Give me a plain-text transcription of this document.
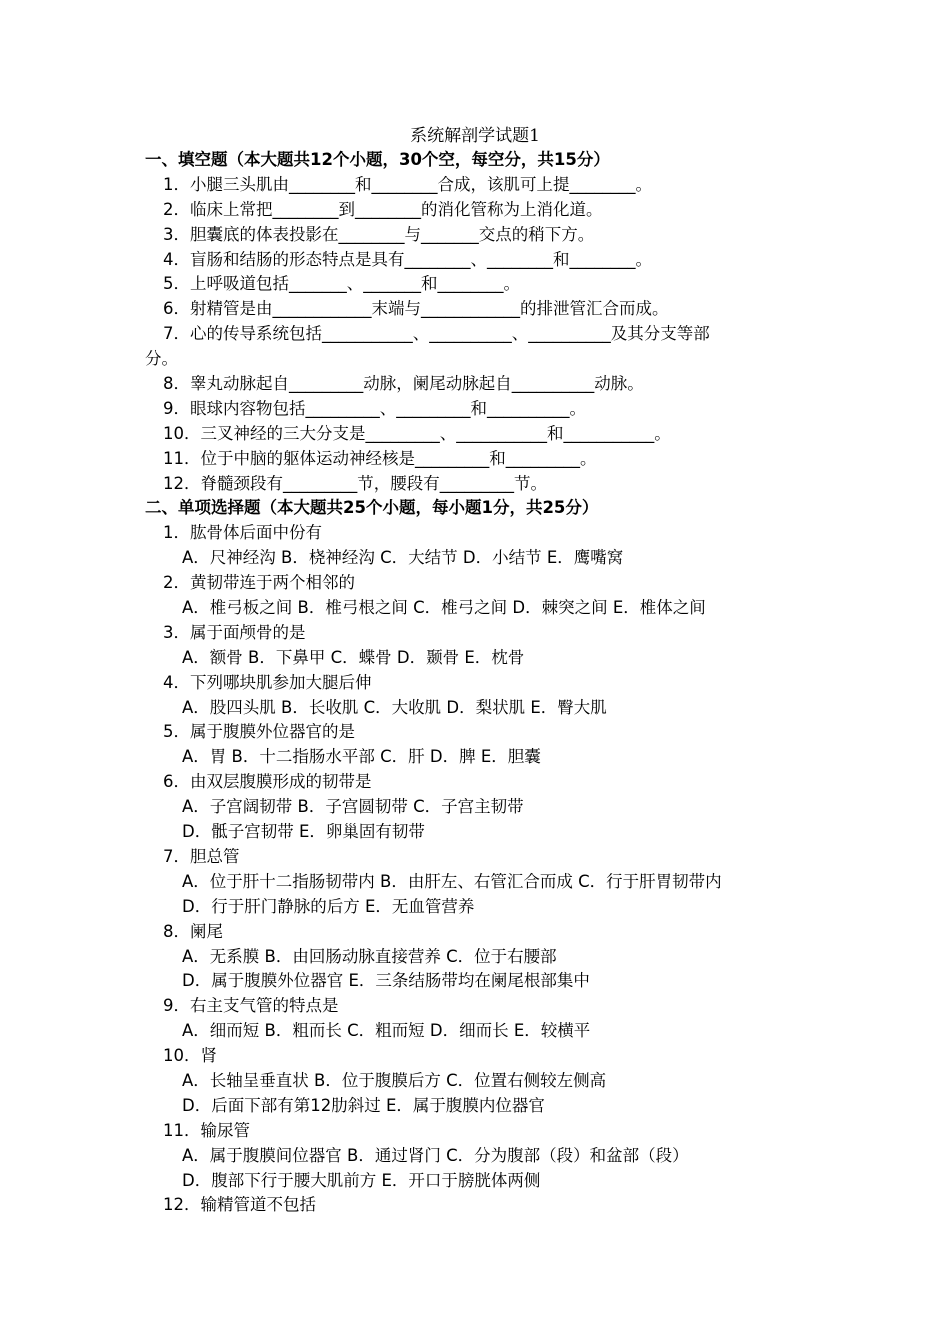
系统解剖学试题1
一、填空题（本大题共12个小题，30个空，每空分，共15分）
1．小腿三头肌由________和________合成，该肌可上提________。
2．临床上常把________到________的消化管称为上消化道。
3．胆囊底的体表投影在________与_______交点的稍下方。
4．盲肠和结肠的形态特点是具有________、________和________。
5．上呼吸道包括_______、_______和________。
6．射精管是由____________末端与____________的排泄管汇合而成。
7．心的传导系统包括___________、__________、__________及其分支等部
分。
8．睾丸动脉起自_________动脉，阑尾动脉起自__________动脉。
9．眼球内容物包括_________、_________和__________。
10．三叉神经的三大分支是_________、___________和___________。
11．位于中脑的躯体运动神经核是_________和_________。
12．脊髓颈段有_________节，腰段有_________节。
二、单项选择题（本大题共25个小题，每小题1分，共25分）
1．肱骨体后面中份有
A．尺神经沟 B．桡神经沟 C．大结节 D．小结节 E．鹰嘴窝
2．黄韧带连于两个相邻的
A．椎弓板之间 B．椎弓根之间 C．椎弓之间 D．棘突之间 E．椎体之间
3．属于面颅骨的是
A．额骨 B．下鼻甲 C．蝶骨 D．颞骨 E．枕骨
4．下列哪块肌参加大腿后伸
A．股四头肌 B．长收肌 C．大收肌 D．梨状肌 E．臀大肌
5．属于腹膜外位器官的是
A．胃 B．十二指肠水平部 C．肝 D．脾 E．胆囊
6．由双层腹膜形成的韧带是
A．子宫阔韧带 B．子宫圆韧带 C．子宫主韧带
D．骶子宫韧带 E．卵巢固有韧带
7．胆总管
A．位于肝十二指肠韧带内 B．由肝左、右管汇合而成 C．行于肝胃韧带内
D．行于肝门静脉的后方 E．无血管营养
8．阑尾
A．无系膜 B．由回肠动脉直接营养 C．位于右腰部
D．属于腹膜外位器官 E．三条结肠带均在阑尾根部集中
9．右主支气管的特点是
A．细而短 B．粗而长 C．粗而短 D．细而长 E．较横平
10．肾
A．长轴呈垂直状 B．位于腹膜后方 C．位置右侧较左侧高
D．后面下部有第12肋斜过 E．属于腹膜内位器官
11．输尿管
A．属于腹膜间位器官 B．通过肾门 C．分为腹部（段）和盆部（段）
D．腹部下行于腰大肌前方 E．开口于膀胱体两侧
12．输精管道不包括
